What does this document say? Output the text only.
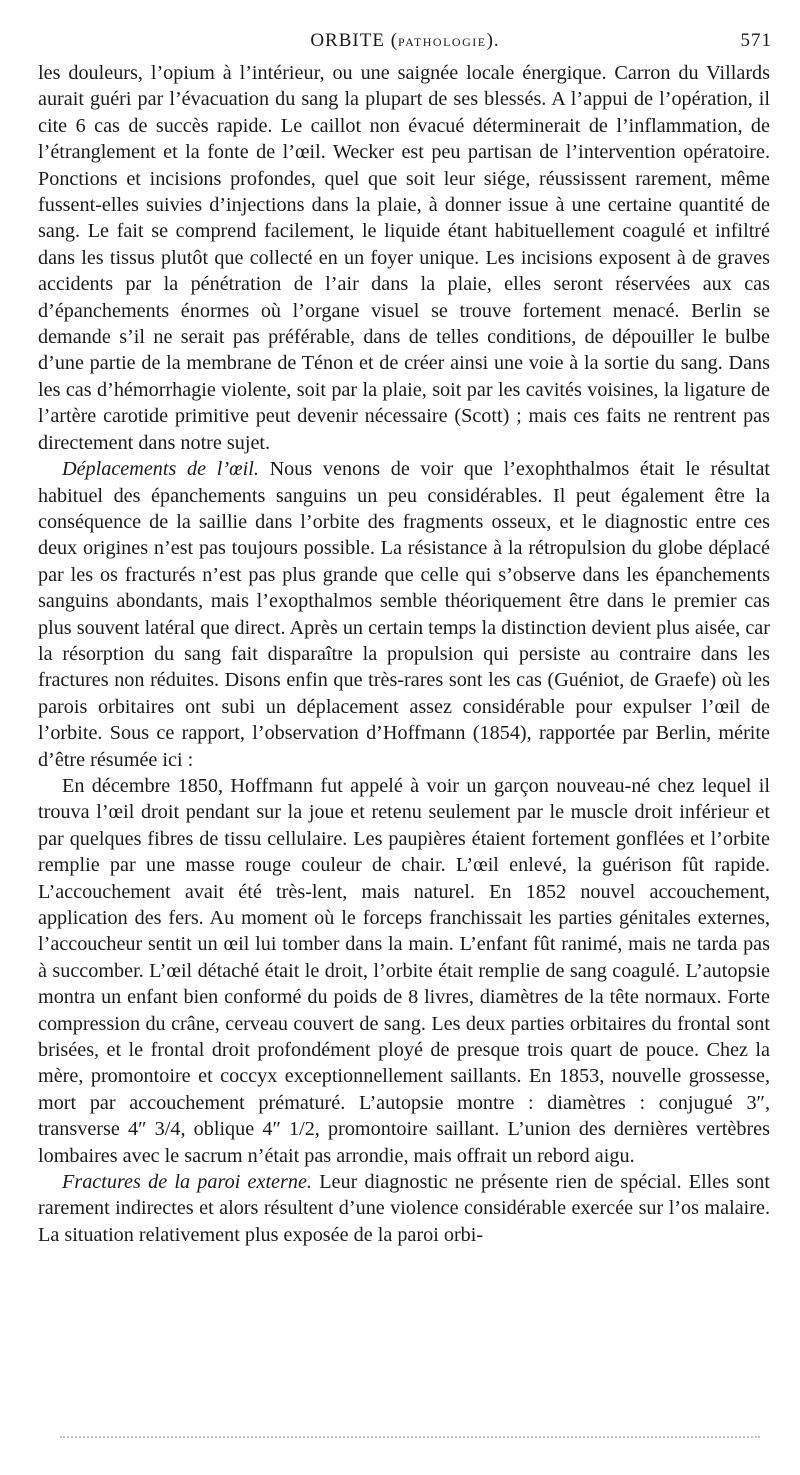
ORBITE (pathologie).	571

les douleurs, l’opium à l’intérieur, ou une saignée locale énergique. Carron du Villards aurait guéri par l’évacuation du sang la plupart de ses blessés. A l’appui de l’opération, il cite 6 cas de succès rapide. Le caillot non évacué déterminerait de l’inflammation, de l’étranglement et la fonte de l’œil. Wecker est peu partisan de l’intervention opératoire. Ponctions et incisions profondes, quel que soit leur siége, réussissent rarement, même fussent-elles suivies d’injections dans la plaie, à donner issue à une certaine quantité de sang. Le fait se comprend facilement, le liquide étant habituellement coagulé et infiltré dans les tissus plutôt que collecté en un foyer unique. Les incisions exposent à de graves accidents par la pénétration de l’air dans la plaie, elles seront réservées aux cas d’épanchements énormes où l’organe visuel se trouve fortement menacé. Berlin se demande s’il ne serait pas préférable, dans de telles conditions, de dépouiller le bulbe d’une partie de la membrane de Ténon et de créer ainsi une voie à la sortie du sang. Dans les cas d’hémorrhagie violente, soit par la plaie, soit par les cavités voisines, la ligature de l’artère carotide primitive peut devenir nécessaire (Scott) ; mais ces faits ne rentrent pas directement dans notre sujet.

Déplacements de l’œil. Nous venons de voir que l’exophthalmos était le résultat habituel des épanchements sanguins un peu considérables. Il peut également être la conséquence de la saillie dans l’orbite des fragments osseux, et le diagnostic entre ces deux origines n’est pas toujours possible. La résistance à la rétropulsion du globe déplacé par les os fracturés n’est pas plus grande que celle qui s’observe dans les épanchements sanguins abondants, mais l’exopthalmos semble théoriquement être dans le premier cas plus souvent latéral que direct. Après un certain temps la distinction devient plus aisée, car la résorption du sang fait disparaître la propulsion qui persiste au contraire dans les fractures non réduites. Disons enfin que très-rares sont les cas (Guéniot, de Graefe) où les parois orbitaires ont subi un déplacement assez considérable pour expulser l’œil de l’orbite. Sous ce rapport, l’observation d’Hoffmann (1854), rapportée par Berlin, mérite d’être résumée ici :

En décembre 1850, Hoffmann fut appelé à voir un garçon nouveau-né chez lequel il trouva l’œil droit pendant sur la joue et retenu seulement par le muscle droit inférieur et par quelques fibres de tissu cellulaire. Les paupières étaient fortement gonflées et l’orbite remplie par une masse rouge couleur de chair. L’œil enlevé, la guérison fût rapide. L’accouchement avait été très-lent, mais naturel. En 1852 nouvel accouchement, application des fers. Au moment où le forceps franchissait les parties génitales externes, l’accoucheur sentit un œil lui tomber dans la main. L’enfant fût ranimé, mais ne tarda pas à succomber. L’œil détaché était le droit, l’orbite était remplie de sang coagulé. L’autopsie montra un enfant bien conformé du poids de 8 livres, diamètres de la tête normaux. Forte compression du crâne, cerveau couvert de sang. Les deux parties orbitaires du frontal sont brisées, et le frontal droit profondément ployé de presque trois quart de pouce. Chez la mère, promontoire et coccyx exceptionnellement saillants. En 1853, nouvelle grossesse, mort par accouchement prématuré. L’autopsie montre : diamètres : conjugué 3″, transverse 4″ 3/4, oblique 4″ 1/2, promontoire saillant. L’union des dernières vertèbres lombaires avec le sacrum n’était pas arrondie, mais offrait un rebord aigu.

Fractures de la paroi externe. Leur diagnostic ne présente rien de spécial. Elles sont rarement indirectes et alors résultent d’une violence considérable exercée sur l’os malaire. La situation relativement plus exposée de la paroi orbi-
